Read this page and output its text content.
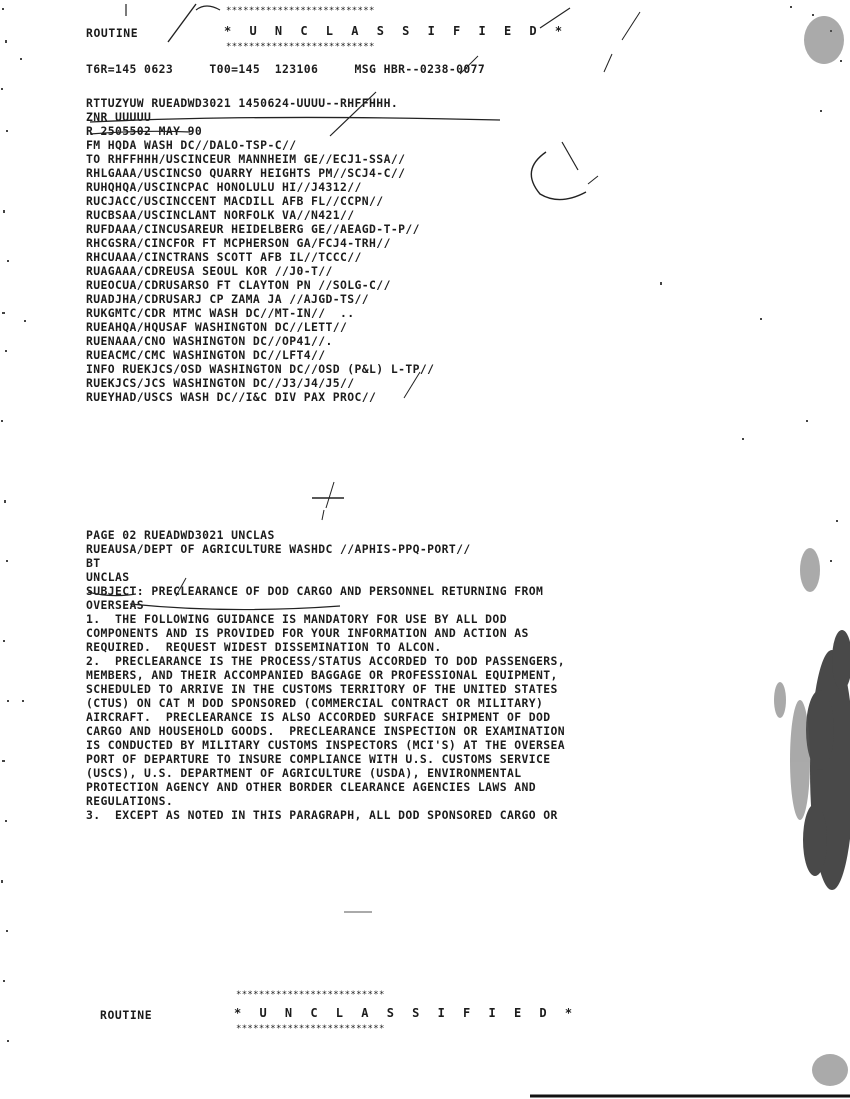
**************************
ROUTINE	* U N C L A S S I F I E D *
**************************
T6R=145 0623     T00=145  123106     MSG HBR--0238-0077
RTTUZYUW RUEADWD3021 1450624-UUUU--RHFFHHH.
ZNR UUUUU
R 2505502 MAY 90
FM HQDA WASH DC//DALO-TSP-C//
TO RHFFHHH/USCINCEUR MANNHEIM GE//ECJ1-SSA//
RHLGAAA/USCINCSO QUARRY HEIGHTS PM//SCJ4-C//
RUHQHQA/USCINCPAC HONOLULU HI//J4312//
RUCJACC/USCINCCENT MACDILL AFB FL//CCPN//
RUCBSAA/USCINCLANT NORFOLK VA//N421//
RUFDAAA/CINCUSAREUR HEIDELBERG GE//AEAGD-T-P//
RHCGSRA/CINCFOR FT MCPHERSON GA/FCJ4-TRH//
RHCUAAA/CINCTRANS SCOTT AFB IL//TCCC//
RUAGAAA/CDREUSA SEOUL KOR //J0-T//
RUEOCUA/CDRUSARSO FT CLAYTON PN //SOLG-C//
RUADJHA/CDRUSARJ CP ZAMA JA //AJGD-TS//
RUKGMTC/CDR MTMC WASH DC//MT-IN//  ..
RUEAHQA/HQUSAF WASHINGTON DC//LETT//
RUENAAA/CNO WASHINGTON DC//OP41//.
RUEACMC/CMC WASHINGTON DC//LFT4//
INFO RUEKJCS/OSD WASHINGTON DC//OSD (P&L) L-TP//
RUEKJCS/JCS WASHINGTON DC//J3/J4/J5//
RUEYHAD/USCS WASH DC//I&C DIV PAX PROC//
PAGE 02 RUEADWD3021 UNCLAS
RUEAUSA/DEPT OF AGRICULTURE WASHDC //APHIS-PPQ-PORT//
BT
UNCLAS
SUBJECT: PRECLEARANCE OF DOD CARGO AND PERSONNEL RETURNING FROM
OVERSEAS
1.  THE FOLLOWING GUIDANCE IS MANDATORY FOR USE BY ALL DOD
COMPONENTS AND IS PROVIDED FOR YOUR INFORMATION AND ACTION AS
REQUIRED.  REQUEST WIDEST DISSEMINATION TO ALCON.
2.  PRECLEARANCE IS THE PROCESS/STATUS ACCORDED TO DOD PASSENGERS,
MEMBERS, AND THEIR ACCOMPANIED BAGGAGE OR PROFESSIONAL EQUIPMENT,
SCHEDULED TO ARRIVE IN THE CUSTOMS TERRITORY OF THE UNITED STATES
(CTUS) ON CAT M DOD SPONSORED (COMMERCIAL CONTRACT OR MILITARY)
AIRCRAFT.  PRECLEARANCE IS ALSO ACCORDED SURFACE SHIPMENT OF DOD
CARGO AND HOUSEHOLD GOODS.  PRECLEARANCE INSPECTION OR EXAMINATION
IS CONDUCTED BY MILITARY CUSTOMS INSPECTORS (MCI'S) AT THE OVERSEA
PORT OF DEPARTURE TO INSURE COMPLIANCE WITH U.S. CUSTOMS SERVICE
(USCS), U.S. DEPARTMENT OF AGRICULTURE (USDA), ENVIRONMENTAL
PROTECTION AGENCY AND OTHER BORDER CLEARANCE AGENCIES LAWS AND
REGULATIONS.
3.  EXCEPT AS NOTED IN THIS PARAGRAPH, ALL DOD SPONSORED CARGO OR
**************************
ROUTINE	* U N C L A S S I F I E D *
**************************
